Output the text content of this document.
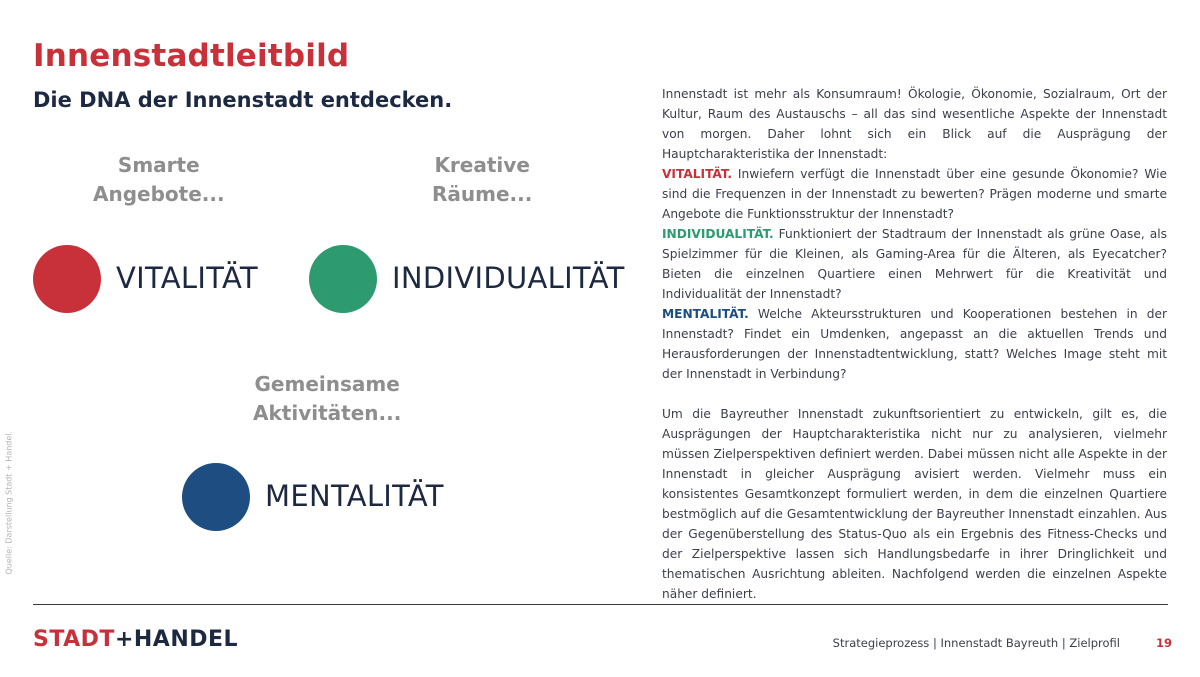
Innenstadtleitbild
Die DNA der Innenstadt entdecken.
Smarte
Angebote...
Kreative
Räume...
Gemeinsame
Aktivitäten...
VITALITÄT	INDIVIDUALITÄT
MENTALITÄT

Innenstadt ist mehr als Konsumraum! Ökologie, Ökonomie, Sozialraum, Ort der Kultur, Raum des Austauschs – all das sind wesentliche Aspekte der Innenstadt von morgen. Daher lohnt sich ein Blick auf die Ausprägung der Hauptcharakteristika der Innenstadt:

VITALITÄT. Inwiefern verfügt die Innenstadt über eine gesunde Ökonomie? Wie sind die Frequenzen in der Innenstadt zu bewerten? Prägen moderne und smarte Angebote die Funktionsstruktur der Innenstadt?

INDIVIDUALITÄT. Funktioniert der Stadtraum der Innenstadt als grüne Oase, als Spielzimmer für die Kleinen, als Gaming-Area für die Älteren, als Eyecatcher? Bieten die einzelnen Quartiere einen Mehrwert für die Kreativität und Individualität der Innenstadt?

MENTALITÄT. Welche Akteursstrukturen und Kooperationen bestehen in der Innenstadt? Findet ein Umdenken, angepasst an die aktuellen Trends und Herausforderungen der Innenstadtentwicklung, statt? Welches Image steht mit der Innenstadt in Verbindung?

Um die Bayreuther Innenstadt zukunftsorientiert zu entwickeln, gilt es, die Ausprägungen der Hauptcharakteristika nicht nur zu analysieren, vielmehr müssen Zielperspektiven definiert werden. Dabei müssen nicht alle Aspekte in der Innenstadt in gleicher Ausprägung avisiert werden. Vielmehr muss ein konsistentes Gesamtkonzept formuliert werden, in dem die einzelnen Quartiere bestmöglich auf die Gesamtentwicklung der Bayreuther Innenstadt einzahlen. Aus der Gegenüberstellung des Status-Quo als ein Ergebnis des Fitness-Checks und der Zielperspektive lassen sich Handlungsbedarfe in ihrer Dringlichkeit und thematischen Ausrichtung ableiten. Nachfolgend werden die einzelnen Aspekte näher definiert.

Quelle: Darstellung Stadt + Handel.
STADT+HANDEL	Strategieprozess | Innenstadt Bayreuth | Zielprofil	19
